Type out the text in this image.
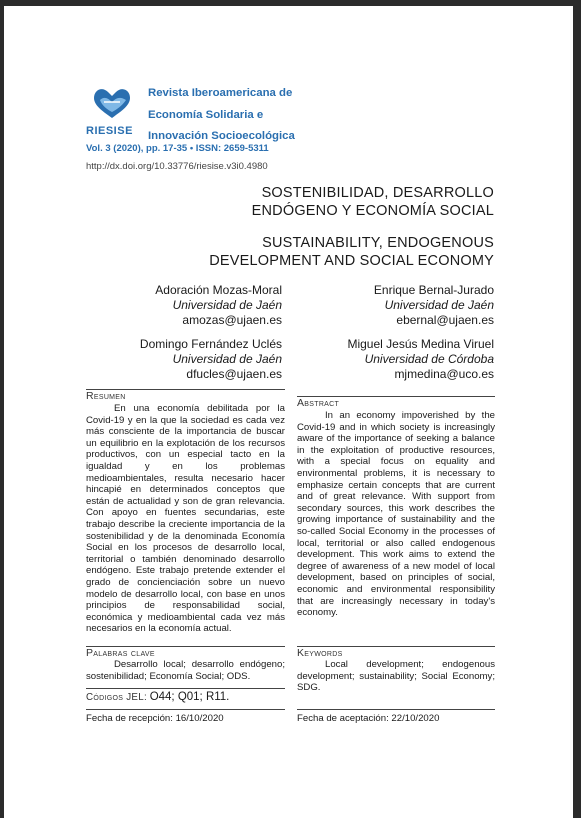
RIESISE
Revista Iberoamericana de
Economía Solidaria e
Innovación Socioecológica
Vol. 3 (2020), pp. 17-35 • ISSN: 2659-5311
http://dx.doi.org/10.33776/riesise.v3i0.4980
SOSTENIBILIDAD, DESARROLLO
ENDÓGENO Y ECONOMÍA SOCIAL
SUSTAINABILITY, ENDOGENOUS
DEVELOPMENT AND SOCIAL ECONOMY
Adoración Mozas-Moral
Universidad de Jaén
amozas@ujaen.es
Enrique Bernal-Jurado
Universidad de Jaén
ebernal@ujaen.es
Domingo Fernández Uclés
Universidad de Jaén
dfucles@ujaen.es
Miguel Jesús Medina Viruel
Universidad de Córdoba
mjmedina@uco.es
Resumen
En una economía debilitada por la Covid-19 y en la que la sociedad es cada vez más consciente de la importancia de buscar un equilibrio en la explotación de los recursos productivos, con un especial tacto en la igualdad y en los problemas medioambientales, resulta necesario hacer hincapié en determinados conceptos que están de actualidad y son de gran relevancia. Con apoyo en fuentes secundarias, este trabajo describe la creciente importancia de la sostenibilidad y de la denominada Economía Social en los procesos de desarrollo local, territorial o también denominado desarrollo endógeno. Este trabajo pretende extender el grado de concienciación sobre un nuevo modelo de desarrollo local, con base en unos principios de responsabilidad social, económica y medioambiental cada vez más necesarios en la economía actual.
Abstract
In an economy impoverished by the Covid-19 and in which society is increasingly aware of the importance of seeking a balance in the exploitation of productive resources, with a special focus on equality and environmental problems, it is necessary to emphasize certain concepts that are current and of great relevance. With support from secondary sources, this work describes the growing importance of sustainability and the so-called Social Economy in the processes of local, territorial or also called endogenous development. This work aims to extend the degree of awareness of a new model of local development, based on principles of social, economic and environmental responsibility that are increasingly necessary in today's economy.
Palabras clave
Desarrollo local; desarrollo endógeno; sostenibilidad; Economía Social; ODS.
Keywords
Local development; endogenous development; sustainability; Social Economy; SDG.
Códigos JEL: O44; Q01; R11.
Fecha de recepción: 16/10/2020	Fecha de aceptación: 22/10/2020
